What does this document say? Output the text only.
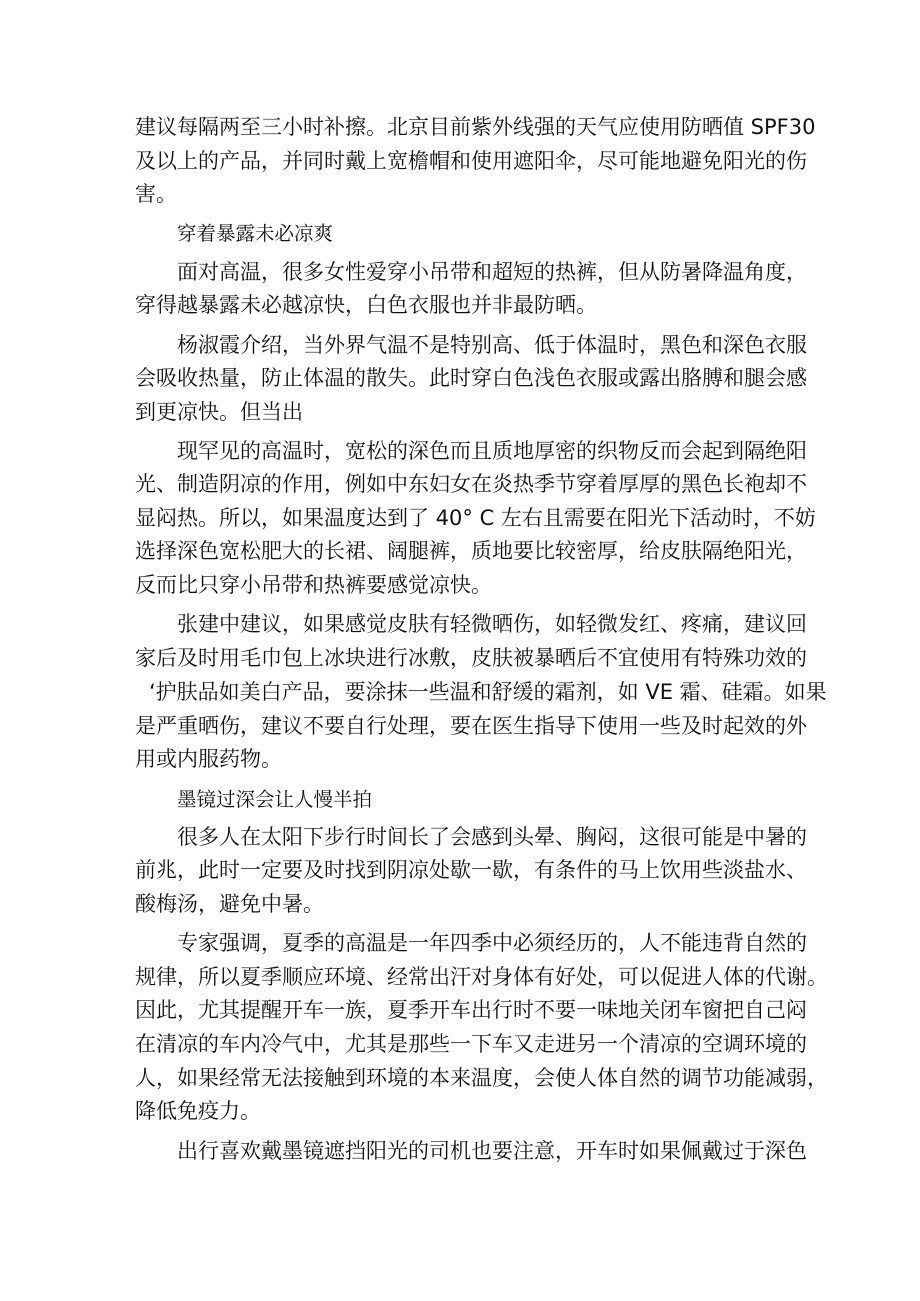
建议每隔两至三小时补擦。北京目前紫外线强的天气应使用防晒值 SPF30
及以上的产品，并同时戴上宽檐帽和使用遮阳伞，尽可能地避免阳光的伤
害。
穿着暴露未必凉爽
面对高温，很多女性爱穿小吊带和超短的热裤，但从防暑降温角度，
穿得越暴露未必越凉快，白色衣服也并非最防晒。
杨淑霞介绍，当外界气温不是特别高、低于体温时，黑色和深色衣服
会吸收热量，防止体温的散失。此时穿白色浅色衣服或露出胳膊和腿会感
到更凉快。但当出
现罕见的高温时，宽松的深色而且质地厚密的织物反而会起到隔绝阳
光、制造阴凉的作用，例如中东妇女在炎热季节穿着厚厚的黑色长袍却不
显闷热。所以，如果温度达到了 40° C 左右且需要在阳光下活动时，不妨
选择深色宽松肥大的长裙、阔腿裤，质地要比较密厚，给皮肤隔绝阳光，
反而比只穿小吊带和热裤要感觉凉快。
张建中建议，如果感觉皮肤有轻微晒伤，如轻微发红、疼痛，建议回
家后及时用毛巾包上冰块进行冰敷，皮肤被暴晒后不宜使用有特殊功效的
‘护肤品如美白产品，要涂抹一些温和舒缓的霜剂，如 VE 霜、硅霜。如果
是严重晒伤，建议不要自行处理，要在医生指导下使用一些及时起效的外
用或内服药物。
墨镜过深会让人慢半拍
很多人在太阳下步行时间长了会感到头晕、胸闷，这很可能是中暑的
前兆，此时一定要及时找到阴凉处歇一歇，有条件的马上饮用些淡盐水、
酸梅汤，避免中暑。
专家强调，夏季的高温是一年四季中必须经历的，人不能违背自然的
规律，所以夏季顺应环境、经常出汗对身体有好处，可以促进人体的代谢。
因此，尤其提醒开车一族，夏季开车出行时不要一味地关闭车窗把自己闷
在清凉的车内冷气中，尤其是那些一下车又走进另一个清凉的空调环境的
人，如果经常无法接触到环境的本来温度，会使人体自然的调节功能减弱，
降低免疫力。
出行喜欢戴墨镜遮挡阳光的司机也要注意，开车时如果佩戴过于深色
